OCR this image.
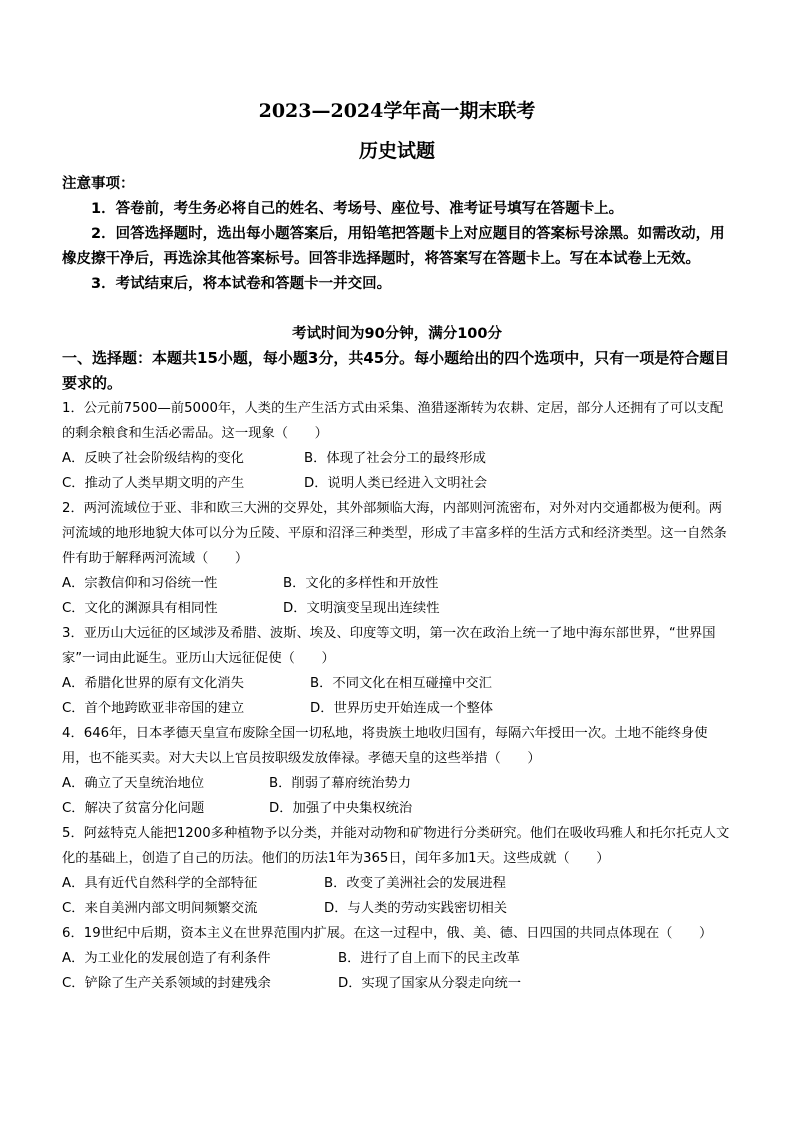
2023—2024学年高一期末联考
历史试题
注意事项：

1．答卷前，考生务必将自己的姓名、考场号、座位号、准考证号填写在答题卡上。

2．回答选择题时，选出每小题答案后，用铅笔把答题卡上对应题目的答案标号涂黑。如需改动，用橡皮擦干净后，再选涂其他答案标号。回答非选择题时，将答案写在答题卡上。写在本试卷上无效。

3．考试结束后，将本试卷和答题卡一并交回。

考试时间为90分钟，满分100分
一、选择题：本题共15小题，每小题3分，共45分。每小题给出的四个选项中，只有一项是符合题目要求的。

1．公元前7500—前5000年，人类的生产生活方式由采集、渔猎逐渐转为农耕、定居，部分人还拥有了可以支配的剩余粮食和生活必需品。这一现象（　　）

A．反映了社会阶级结构的变化	B．体现了社会分工的最终形成
C．推动了人类早期文明的产生	D．说明人类已经进入文明社会

2．两河流域位于亚、非和欧三大洲的交界处，其外部频临大海，内部则河流密布，对外对内交通都极为便利。两河流域的地形地貌大体可以分为丘陵、平原和沼泽三种类型，形成了丰富多样的生活方式和经济类型。这一自然条件有助于解释两河流域（　　）

A．宗教信仰和习俗统一性	B．文化的多样性和开放性
C．文化的渊源具有相同性	D．文明演变呈现出连续性

3．亚历山大远征的区域涉及希腊、波斯、埃及、印度等文明，第一次在政治上统一了地中海东部世界，“世界国家”一词由此诞生。亚历山大远征促使（　　）

A．希腊化世界的原有文化消失	B．不同文化在相互碰撞中交汇
C．首个地跨欧亚非帝国的建立	D．世界历史开始连成一个整体

4．646年，日本孝德天皇宣布废除全国一切私地，将贵族土地收归国有，每隔六年授田一次。土地不能终身使用，也不能买卖。对大夫以上官员按职级发放俸禄。孝德天皇的这些举措（　　）

A．确立了天皇统治地位	B．削弱了幕府统治势力
C．解决了贫富分化问题	D．加强了中央集权统治

5．阿兹特克人能把1200多种植物予以分类，并能对动物和矿物进行分类研究。他们在吸收玛雅人和托尔托克人文化的基础上，创造了自己的历法。他们的历法1年为365日，闰年多加1天。这些成就（　　）

A．具有近代自然科学的全部特征	B．改变了美洲社会的发展进程
C．来自美洲内部文明间频繁交流	D．与人类的劳动实践密切相关

6．19世纪中后期，资本主义在世界范围内扩展。在这一过程中，俄、美、德、日四国的共同点体现在（　　）

A．为工业化的发展创造了有利条件	B．进行了自上而下的民主改革
C．铲除了生产关系领域的封建残余	D．实现了国家从分裂走向统一
